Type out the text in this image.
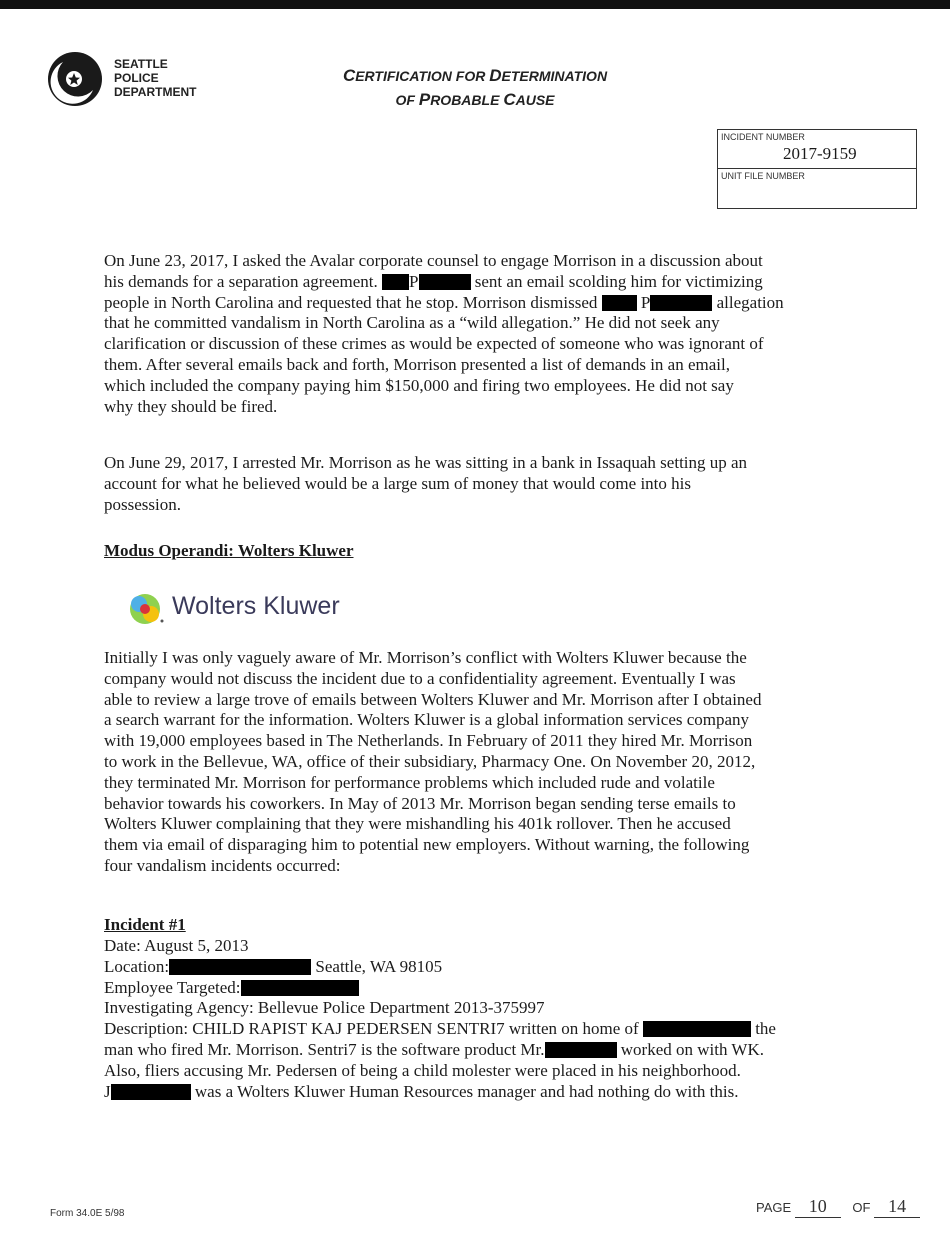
SEATTLE
POLICE
DEPARTMENT
CERTIFICATION FOR DETERMINATION
OF PROBABLE CAUSE
INCIDENT NUMBER
2017-9159
UNIT FILE NUMBER
On June 23, 2017, I asked the Avalar corporate counsel to engage Morrison in a discussion about
his demands for a separation agreement. P	sent an email scolding him for victimizing
people in North Carolina and requested that he stop. Morrison dismissed	P	allegation
that he committed vandalism in North Carolina as a “wild allegation.” He did not seek any
clarification or discussion of these crimes as would be expected of someone who was ignorant of
them. After several emails back and forth, Morrison presented a list of demands in an email,
which included the company paying him $150,000 and firing two employees. He did not say
why they should be fired.
On June 29, 2017, I arrested Mr. Morrison as he was sitting in a bank in Issaquah setting up an
account for what he believed would be a large sum of money that would come into his
possession.
Modus Operandi: Wolters Kluwer
Wolters Kluwer
Initially I was only vaguely aware of Mr. Morrison’s conflict with Wolters Kluwer because the
company would not discuss the incident due to a confidentiality agreement. Eventually I was
able to review a large trove of emails between Wolters Kluwer and Mr. Morrison after I obtained
a search warrant for the information. Wolters Kluwer is a global information services company
with 19,000 employees based in The Netherlands. In February of 2011 they hired Mr. Morrison
to work in the Bellevue, WA, office of their subsidiary, Pharmacy One. On November 20, 2012,
they terminated Mr. Morrison for performance problems which included rude and volatile
behavior towards his coworkers. In May of 2013 Mr. Morrison began sending terse emails to
Wolters Kluwer complaining that they were mishandling his 401k rollover. Then he accused
them via email of disparaging him to potential new employers. Without warning, the following
four vandalism incidents occurred:
Incident #1
Date: August 5, 2013
Location:	Seattle, WA 98105
Employee Targeted:
Investigating Agency: Bellevue Police Department 2013-375997
Description: CHILD RAPIST KAJ PEDERSEN SENTRI7 written on home of	the
man who fired Mr. Morrison. Sentri7 is the software product Mr.	worked on with WK.
Also, fliers accusing Mr. Pedersen of being a child molester were placed in his neighborhood.
J	was a Wolters Kluwer Human Resources manager and had nothing do with this.
Form 34.0E 5/98	PAGE 10 OF 14
